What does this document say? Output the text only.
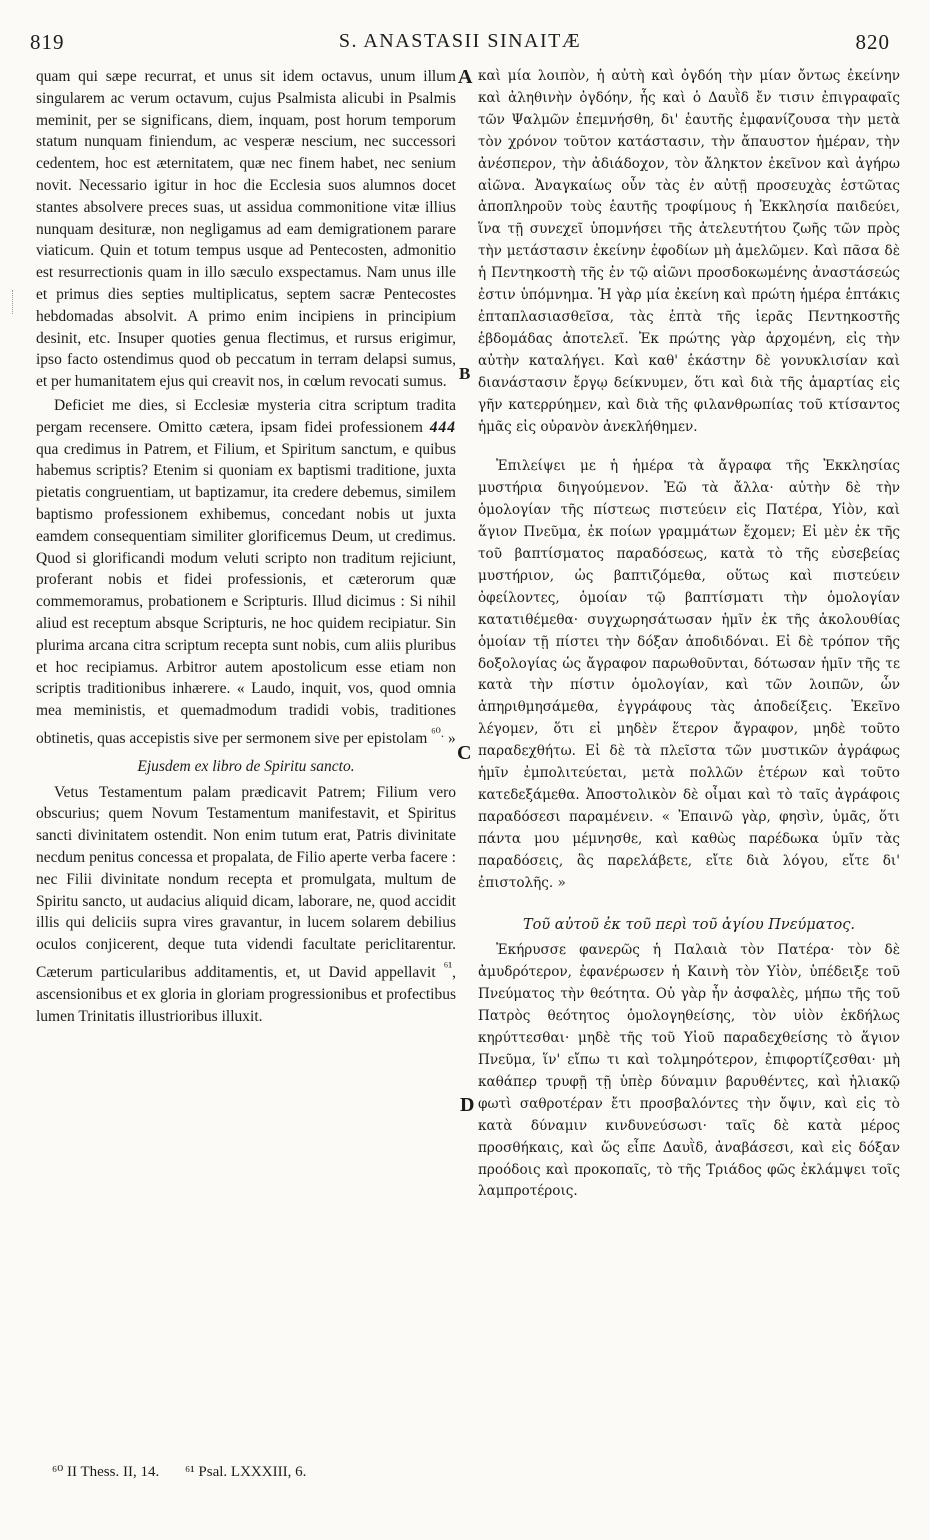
819	S. ANASTASII SINAITÆ	820
A
B
C
D

quam qui sæpe recurrat, et unus sit idem octavus, unum illum singularem ac verum octavum, cujus Psalmista alicubi in Psalmis meminit, per se significans, diem, inquam, post horum temporum statum nunquam finiendum, ac vesperæ nescium, nec successori cedentem, hoc est æternitatem, quæ nec finem habet, nec senium novit. Necessario igitur in hoc die Ecclesia suos alumnos docet stantes absolvere preces suas, ut assidua commonitione vitæ illius nunquam desituræ, non negligamus ad eam demigrationem parare viaticum. Quin et totum tempus usque ad Pentecosten, admonitio est resurrectionis quam in illo sæculo exspectamus. Nam unus ille et primus dies septies multiplicatus, septem sacræ Pentecostes hebdomadas absolvit. A primo enim incipiens in principium desinit, etc. Insuper quoties genua flectimus, et rursus erigimur, ipso facto ostendimus quod ob peccatum in terram delapsi sumus, et per humanitatem ejus qui creavit nos, in cœlum revocati sumus.

Deficiet me dies, si Ecclesiæ mysteria citra scriptum tradita pergam recensere. Omitto cætera, ipsam fidei professionem 444 qua credimus in Patrem, et Filium, et Spiritum sanctum, e quibus habemus scriptis? Etenim si quoniam ex baptismi traditione, juxta pietatis congruentiam, ut baptizamur, ita credere debemus, similem baptismo professionem exhibemus, concedant nobis ut juxta eamdem consequentiam similiter glorificemus Deum, ut credimus. Quod si glorificandi modum veluti scripto non traditum rejiciunt, proferant nobis et fidei professionis, et cæterorum quæ commemoramus, probationem e Scripturis. Illud dicimus : Si nihil aliud est receptum absque Scripturis, ne hoc quidem recipiatur. Sin plurima arcana citra scriptum recepta sunt nobis, cum aliis pluribus et hoc recipiamus. Arbitror autem apostolicum esse etiam non scriptis traditionibus inhærere. « Laudo, inquit, vos, quod omnia mea meministis, et quemadmodum tradidi vobis, traditiones obtinetis, quas accepistis sive per sermonem sive per epistolam $^{^{60}.}$ »

Ejusdem ex libro de Spiritu sancto.

Vetus Testamentum palam prædicavit Patrem; Filium vero obscurius; quem Novum Testamentum manifestavit, et Spiritus sancti divinitatem ostendit. Non enim tutum erat, Patris divinitate necdum penitus concessa et propalata, de Filio aperte verba facere : nec Filii divinitate nondum recepta et promulgata, multum de Spiritu sancto, ut audacius aliquid dicam, laborare, ne, quod accidit illis qui deliciis supra vires gravantur, in lucem solarem debilius oculos conjicerent, deque tuta videndi facultate periclitarentur. Cæterum particularibus additamentis, et, ut David appellavit $^{^{61}}$, ascensionibus et ex gloria in gloriam progressionibus et profectibus lumen Trinitatis illustrioribus illuxit.

καὶ μία λοιπὸν, ἡ αὐτὴ καὶ ὀγδόη τὴν μίαν ὄντως ἐκείνην καὶ ἀληθινὴν ὀγδόην, ἧς καὶ ὁ Δαυῒδ ἔν τισιν ἐπιγραφαῖς τῶν Ψαλμῶν ἐπεμνήσθη, δι' ἑαυτῆς ἐμφανίζουσα τὴν μετὰ τὸν χρόνον τοῦτον κατάστασιν, τὴν ἄπαυστον ἡμέραν, τὴν ἀνέσπερον, τὴν ἀδιάδοχον, τὸν ἄληκτον ἐκεῖνον καὶ ἀγήρω αἰῶνα. Ἀναγκαίως οὖν τὰς ἐν αὐτῇ προσευχὰς ἑστῶτας ἀποπληροῦν τοὺς ἑαυτῆς τροφίμους ἡ Ἐκκλησία παιδεύει, ἵνα τῇ συνεχεῖ ὑπομνήσει τῆς ἀτελευτήτου ζωῆς τῶν πρὸς τὴν μετάστασιν ἐκείνην ἐφοδίων μὴ ἀμελῶμεν. Καὶ πᾶσα δὲ ἡ Πεντηκοστὴ τῆς ἐν τῷ αἰῶνι προσδοκωμένης ἀναστάσεώς ἐστιν ὑπόμνημα. Ἡ γὰρ μία ἐκείνη καὶ πρώτη ἡμέρα ἑπτάκις ἐπταπλασιασθεῖσα, τὰς ἑπτὰ τῆς ἱερᾶς Πεντηκοστῆς ἑβδομάδας ἀποτελεῖ. Ἐκ πρώτης γὰρ ἀρχομένη, εἰς τὴν αὐτὴν καταλήγει. Καὶ καθ' ἑκάστην δὲ γονυκλισίαν καὶ διανάστασιν ἔργῳ δείκνυμεν, ὅτι καὶ διὰ τῆς ἁμαρτίας εἰς γῆν κατερρύημεν, καὶ διὰ τῆς φιλανθρωπίας τοῦ κτίσαντος ἡμᾶς εἰς οὐρανὸν ἀνεκλήθημεν.

Ἐπιλείψει με ἡ ἡμέρα τὰ ἄγραφα τῆς Ἐκκλησίας μυστήρια διηγούμενον. Ἐῶ τὰ ἄλλα· αὐτὴν δὲ τὴν ὁμολογίαν τῆς πίστεως πιστεύειν εἰς Πατέρα, Υἱὸν, καὶ ἅγιον Πνεῦμα, ἐκ ποίων γραμμάτων ἔχομεν; Εἰ μὲν ἐκ τῆς τοῦ βαπτίσματος παραδόσεως, κατὰ τὸ τῆς εὐσεβείας μυστήριον, ὡς βαπτιζόμεθα, οὕτως καὶ πιστεύειν ὀφείλοντες, ὁμοίαν τῷ βαπτίσματι τὴν ὁμολογίαν κατατιθέμεθα· συγχωρησάτωσαν ἡμῖν ἐκ τῆς ἀκολουθίας ὁμοίαν τῇ πίστει τὴν δόξαν ἀποδιδόναι. Εἰ δὲ τρόπον τῆς δοξολογίας ὡς ἄγραφον παρωθοῦνται, δότωσαν ἡμῖν τῆς τε κατὰ τὴν πίστιν ὁμολογίαν, καὶ τῶν λοιπῶν, ὧν ἀπηριθμησάμεθα, ἐγγράφους τὰς ἀποδείξεις. Ἐκεῖνο λέγομεν, ὅτι εἰ μηδὲν ἕτερον ἄγραφον, μηδὲ τοῦτο παραδεχθήτω. Εἰ δὲ τὰ πλεῖστα τῶν μυστικῶν ἀγράφως ἡμῖν ἐμπολιτεύεται, μετὰ πολλῶν ἑτέρων καὶ τοῦτο κατεδεξάμεθα. Ἀποστολικὸν δὲ οἶμαι καὶ τὸ ταῖς ἀγράφοις παραδόσεσι παραμένειν. « Ἐπαινῶ γὰρ, φησὶν, ὑμᾶς, ὅτι πάντα μου μέμνησθε, καὶ καθὼς παρέδωκα ὑμῖν τὰς παραδόσεις, ἃς παρελάβετε, εἴτε διὰ λόγου, εἴτε δι' ἐπιστολῆς. »

Τοῦ αὐτοῦ ἐκ τοῦ περὶ τοῦ ἁγίου Πνεύματος.

Ἐκήρυσσε φανερῶς ἡ Παλαιὰ τὸν Πατέρα· τὸν δὲ ἀμυδρότερον, ἐφανέρωσεν ἡ Καινὴ τὸν Υἱὸν, ὑπέδειξε τοῦ Πνεύματος τὴν θεότητα. Οὐ γὰρ ἦν ἀσφαλὲς, μήπω τῆς τοῦ Πατρὸς θεότητος ὁμολογηθείσης, τὸν υἱὸν ἐκδήλως κηρύττεσθαι· μηδὲ τῆς τοῦ Υἱοῦ παραδεχθείσης τὸ ἅγιον Πνεῦμα, ἵν' εἴπω τι καὶ τολμηρότερον, ἐπιφορτίζεσθαι· μὴ καθάπερ τρυφῇ τῇ ὑπὲρ δύναμιν βαρυθέντες, καὶ ἡλιακῷ φωτὶ σαθροτέραν ἔτι προσβαλόντες τὴν ὄψιν, καὶ εἰς τὸ κατὰ δύναμιν κινδυνεύσωσι· ταῖς δὲ κατὰ μέρος προσθήκαις, καὶ ὥς εἶπε Δαυῒδ, ἀναβάσεσι, καὶ εἰς δόξαν προόδοις καὶ προκοπαῖς, τὸ τῆς Τριάδος φῶς ἐκλάμψει τοῖς λαμπροτέροις.

⁶⁰ II Thess. II, 14. ⁶¹ Psal. LXXXIII, 6.
